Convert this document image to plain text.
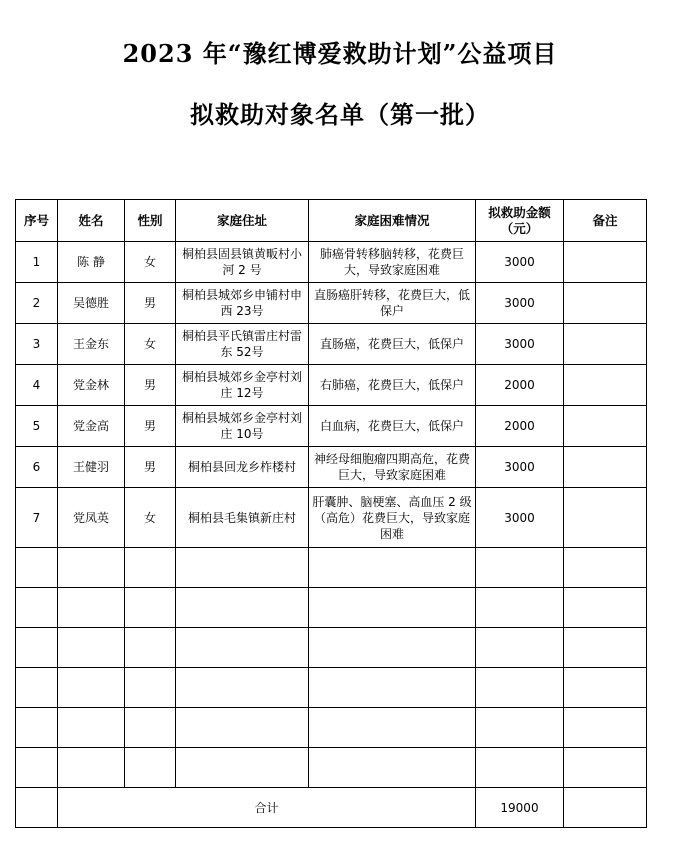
2023 年“豫红博爱救助计划”公益项目
拟救助对象名单（第一批）
序号	姓名	性别	家庭住址	家庭困难情况	拟救助金额（元）	备注
1	陈 静	女	桐柏县固县镇黄畈村小河 2 号	肺癌骨转移脑转移，花费巨大，导致家庭困难	3000	
2	吴德胜	男	桐柏县城郊乡申铺村申西 23号	直肠癌肝转移，花费巨大，低保户	3000	
3	王金东	女	桐柏县平氏镇雷庄村雷东 52号	直肠癌，花费巨大，低保户	3000	
4	党金林	男	桐柏县城郊乡金亭村刘庄 12号	右肺癌，花费巨大，低保户	2000	
5	党金高	男	桐柏县城郊乡金亭村刘庄 10号	白血病，花费巨大，低保户	2000	
6	王健羽	男	桐柏县回龙乡柞楼村	神经母细胞瘤四期高危，花费巨大，导致家庭困难	3000	
7	党凤英	女	桐柏县毛集镇新庄村	肝囊肿、脑梗塞、高血压 2 级（高危）花费巨大，导致家庭困难	3000	

	合计				19000	
